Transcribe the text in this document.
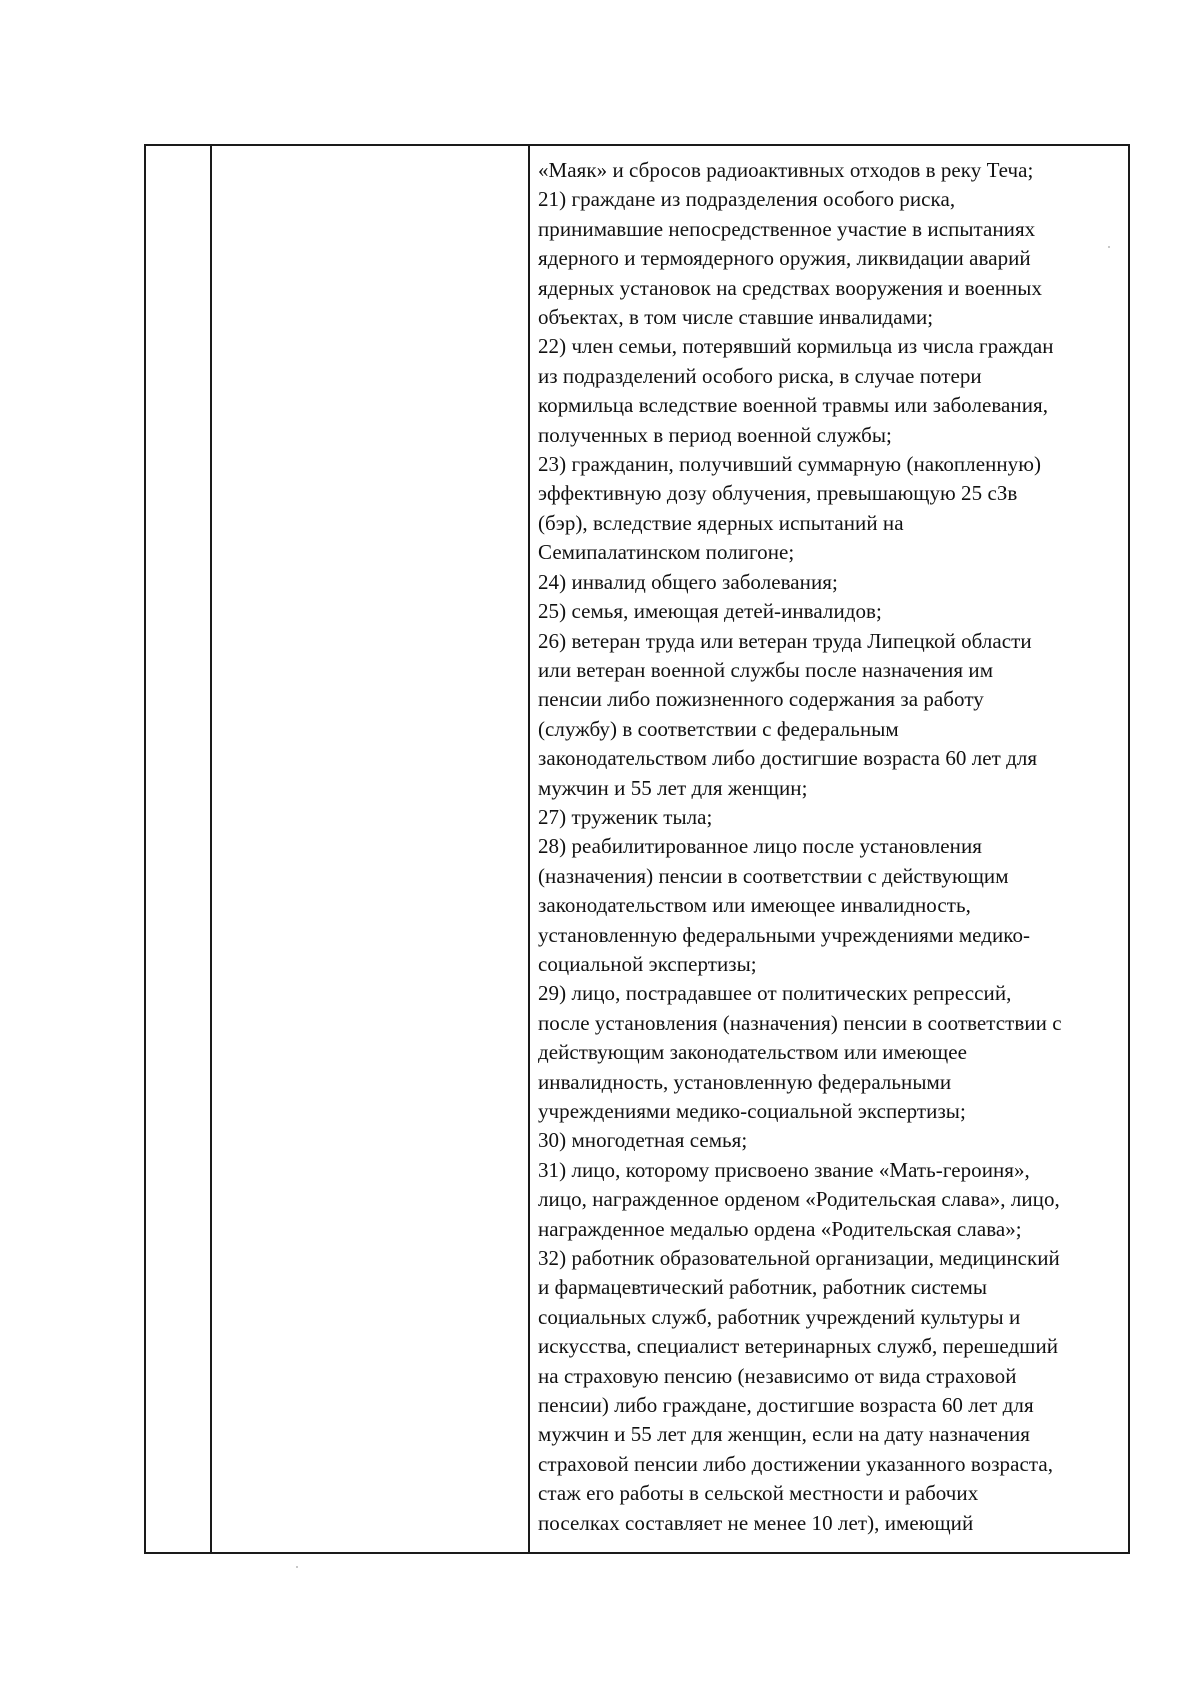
«Маяк» и сбросов радиоактивных отходов в реку Теча;
21) граждане из подразделения особого риска,
принимавшие непосредственное участие в испытаниях
ядерного и термоядерного оружия, ликвидации аварий
ядерных установок на средствах вооружения и военных
объектах, в том числе ставшие инвалидами;
22) член семьи, потерявший кормильца из числа граждан
из подразделений особого риска, в случае потери
кормильца вследствие военной травмы или заболевания,
полученных в период военной службы;
23) гражданин, получивший суммарную (накопленную)
эффективную дозу облучения, превышающую 25 сЗв
(бэр), вследствие ядерных испытаний на
Семипалатинском полигоне;
24) инвалид общего заболевания;
25) семья, имеющая детей-инвалидов;
26) ветеран труда или ветеран труда Липецкой области
или ветеран военной службы после назначения им
пенсии либо пожизненного содержания за работу
(службу) в соответствии с федеральным
законодательством либо достигшие возраста 60 лет для
мужчин и 55 лет для женщин;
27) труженик тыла;
28) реабилитированное лицо после установления
(назначения) пенсии в соответствии с действующим
законодательством или имеющее инвалидность,
установленную федеральными учреждениями медико-
социальной экспертизы;
29) лицо, пострадавшее от политических репрессий,
после установления (назначения) пенсии в соответствии с
действующим законодательством или имеющее
инвалидность, установленную федеральными
учреждениями медико-социальной экспертизы;
30) многодетная семья;
31) лицо, которому присвоено звание «Мать-героиня»,
лицо, награжденное орденом «Родительская слава», лицо,
награжденное медалью ордена «Родительская слава»;
32) работник образовательной организации, медицинский
и фармацевтический работник, работник системы
социальных служб, работник учреждений культуры и
искусства, специалист ветеринарных служб, перешедший
на страховую пенсию (независимо от вида страховой
пенсии) либо граждане, достигшие возраста 60 лет для
мужчин и 55 лет для женщин, если на дату назначения
страховой пенсии либо достижении указанного возраста,
стаж его работы в сельской местности и рабочих
поселках составляет не менее 10 лет), имеющий
